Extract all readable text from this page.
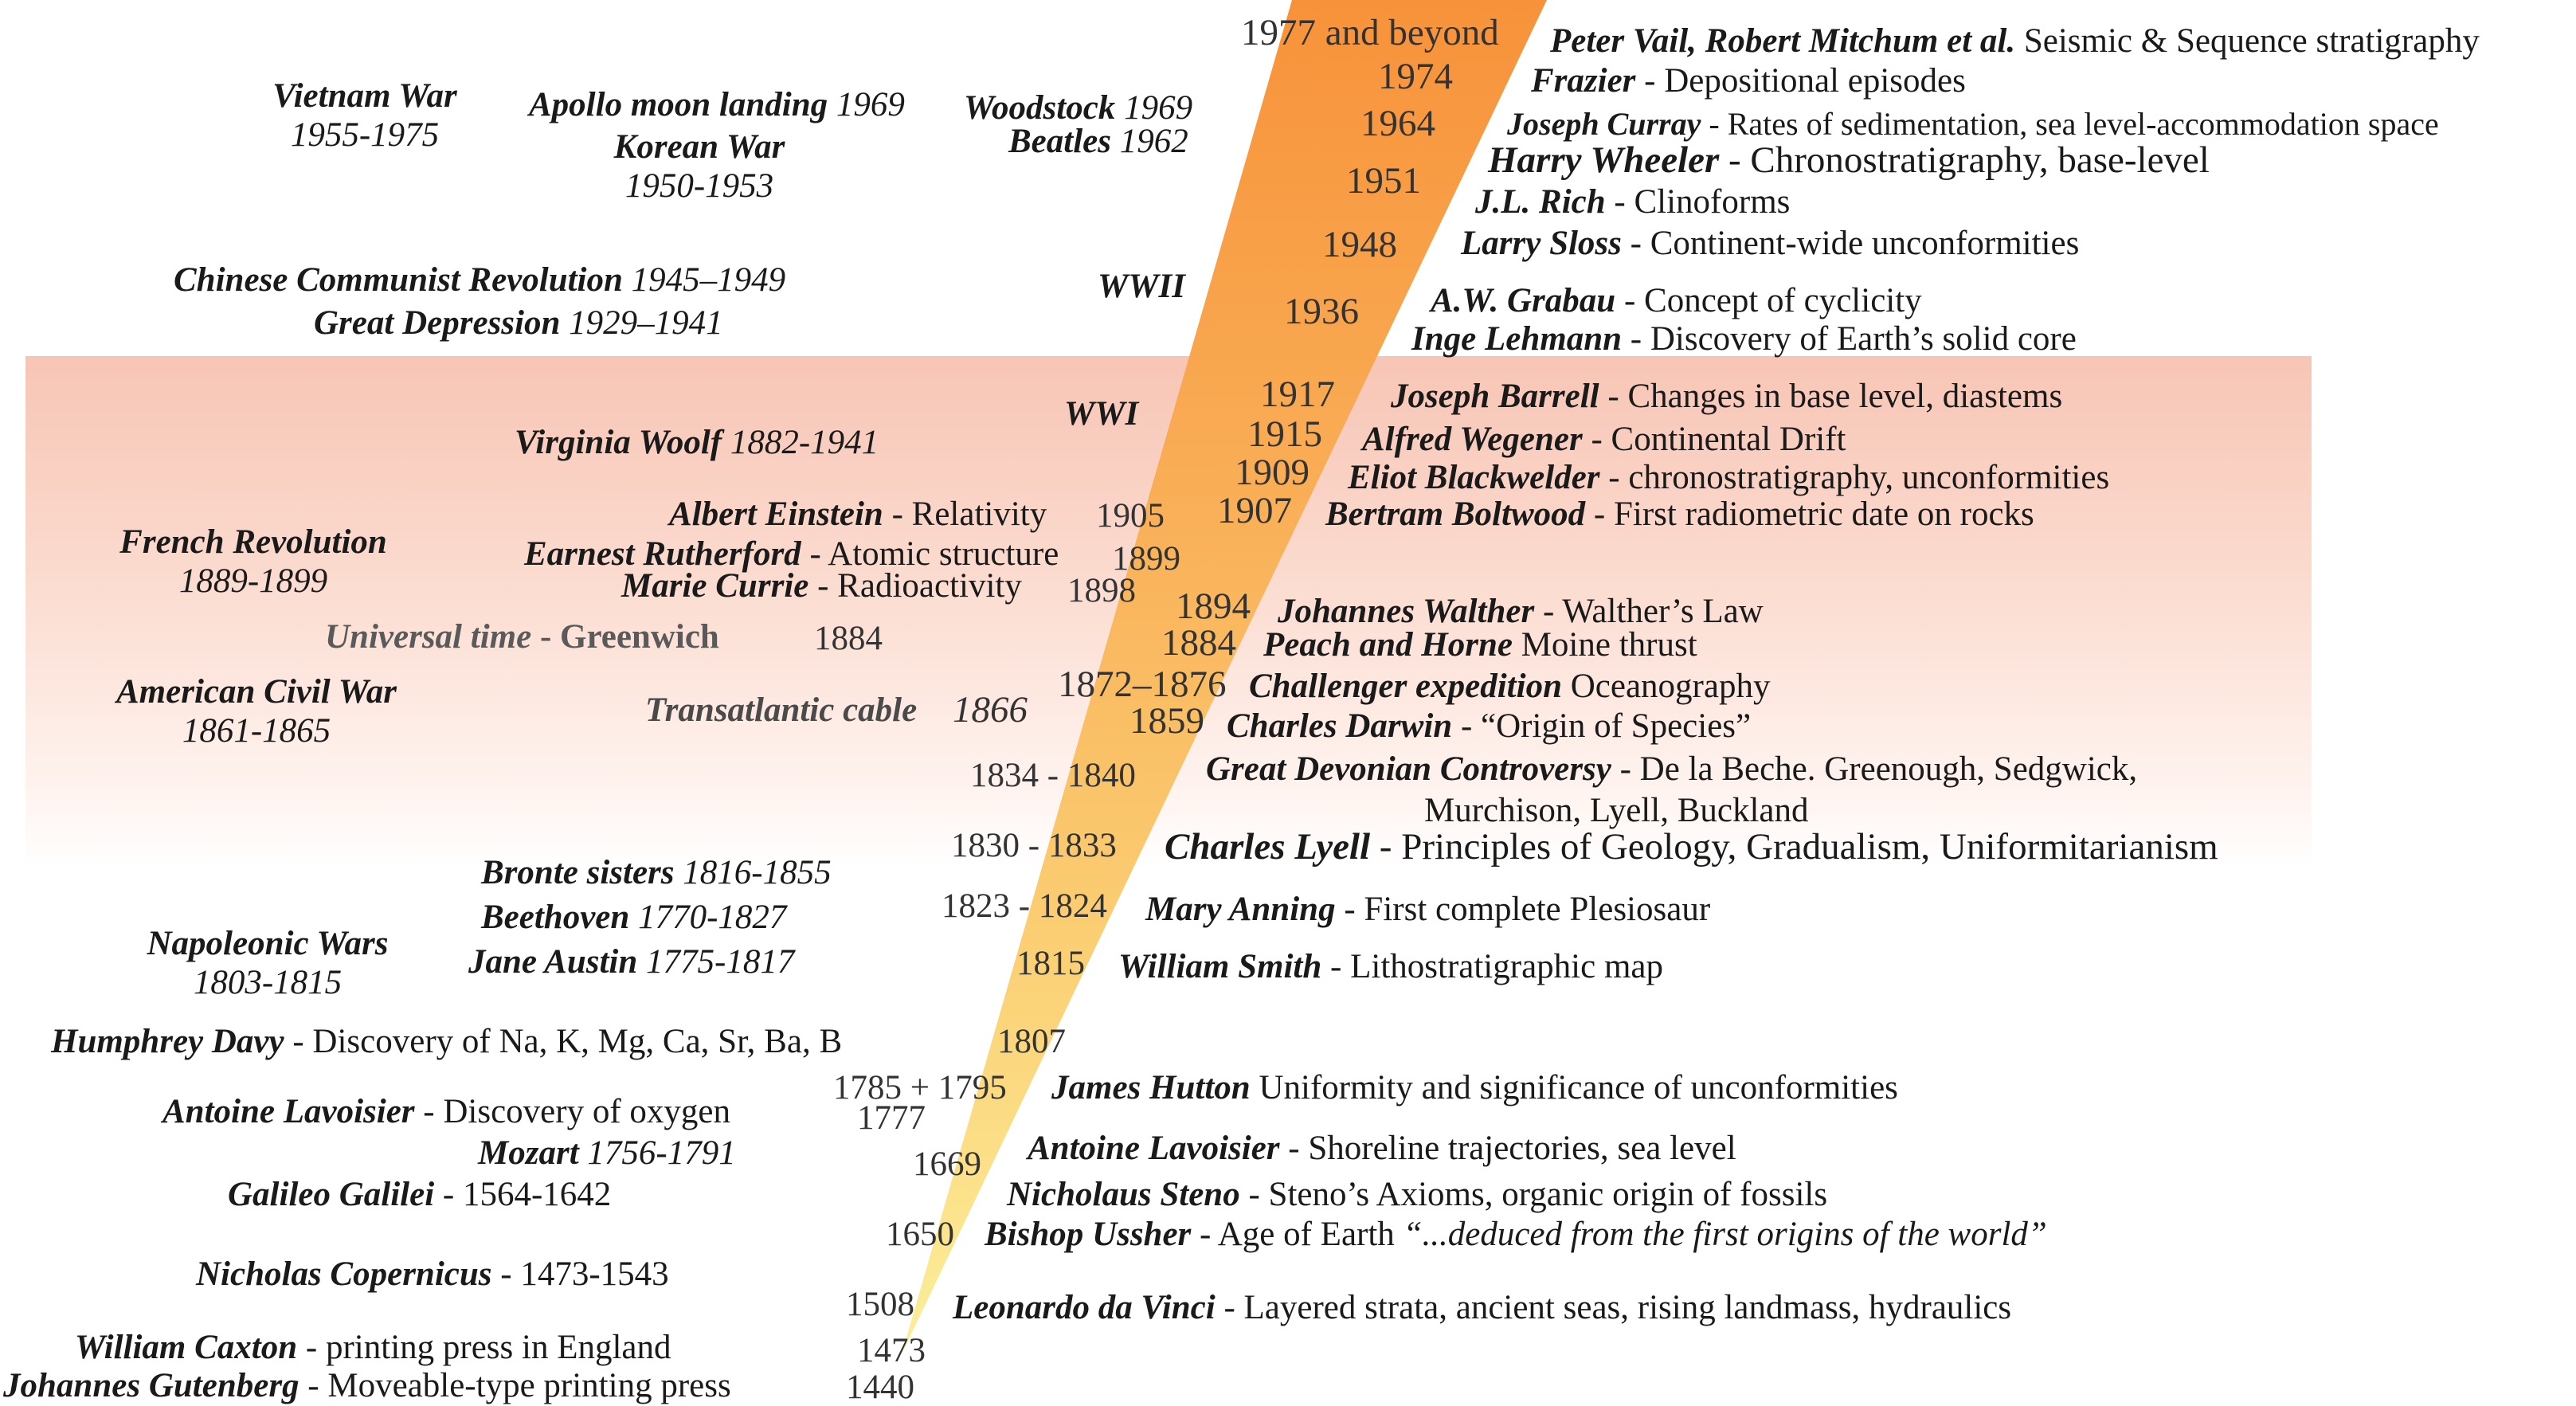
1977 and beyond
1974
1964
1951
1948
1936
1917
1915
1909
1907
1905
1899
1898 1894
1884
1884
1872–1876
1866	1859
1834 - 1840
1830 - 1833
1823 - 1824
1815
1807
1785 + 1795
1777
1669
1650
1508
1473
1440
Peter Vail, Robert Mitchum et al. Seismic & Sequence stratigraphy
Frazier - Depositional episodes
Joseph Curray - Rates of sedimentation, sea level-accommodation space
Harry Wheeler - Chronostratigraphy, base-level
J.L. Rich - Clinoforms
Larry Sloss - Continent-wide unconformities
A.W. Grabau - Concept of cyclicity
Inge Lehmann - Discovery of Earth’s solid core
Joseph Barrell - Changes in base level, diastems
Alfred Wegener - Continental Drift
Eliot Blackwelder - chronostratigraphy, unconformities
Bertram Boltwood - First radiometric date on rocks
Johannes Walther - Walther’s Law
Peach and Horne Moine thrust
Challenger expedition Oceanography
Charles Darwin - “Origin of Species”
Great Devonian Controversy - De la Beche. Greenough, Sedgwick,
Murchison, Lyell, Buckland
Charles Lyell - Principles of Geology, Gradualism, Uniformitarianism
Mary Anning - First complete Plesiosaur
William Smith - Lithostratigraphic map
James Hutton Uniformity and significance of unconformities
Antoine Lavoisier - Shoreline trajectories, sea level
Nicholaus Steno - Steno’s Axioms, organic origin of fossils
Bishop Ussher - Age of Earth “...deduced from the first origins of the world”
Leonardo da Vinci - Layered strata, ancient seas, rising landmass, hydraulics
Albert Einstein - Relativity
Earnest Rutherford - Atomic structure
Marie Currie - Radioactivity
Universal time - Greenwich
Transatlantic cable
Humphrey Davy - Discovery of Na, K, Mg, Ca, Sr, Ba, B
Antoine Lavoisier - Discovery of oxygen
Galileo Galilei - 1564-1642
Nicholas Copernicus - 1473-1543
William Caxton - printing press in England
Johannes Gutenberg - Moveable-type printing press
Vietnam War
1955-1975
Apollo moon landing 1969
Korean War
1950-1953
Woodstock 1969
Beatles 1962
Chinese Communist Revolution 1945–1949
Great Depression 1929–1941
WWII
WWI
Virginia Woolf 1882-1941
French Revolution
1889-1899
American Civil War
1861-1865
Bronte sisters 1816-1855
Beethoven 1770-1827
Jane Austin 1775-1817
Napoleonic Wars
1803-1815
Mozart 1756-1791
